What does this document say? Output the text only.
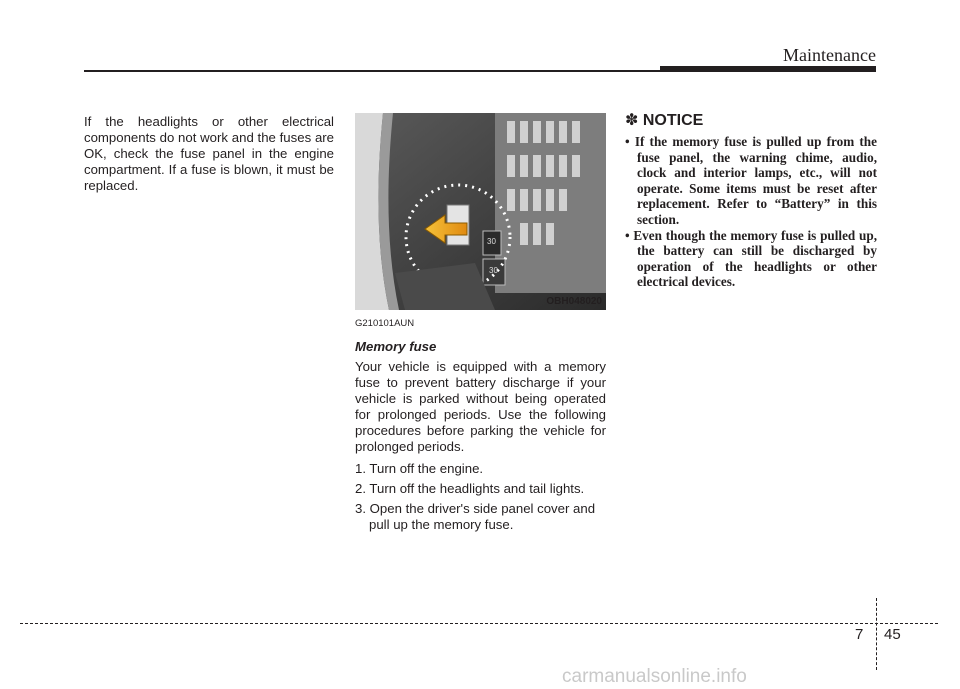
Maintenance
If the headlights or other electrical components do not work and the fuses are OK, check the fuse panel in the engine compartment. If a fuse is blown, it must be replaced.
30
30
OBH048020
G210101AUN
Memory fuse

Your vehicle is equipped with a memory fuse to prevent battery discharge if your vehicle is parked without being operated for prolonged periods. Use the following procedures before parking the vehicle for prolonged periods.

1. Turn off the engine.
2. Turn off the headlights and tail lights.
3. Open the driver's side panel cover and pull up the memory fuse.
✽ NOTICE
• If the memory fuse is pulled up from the fuse panel, the warning chime, audio, clock and interior lamps, etc., will not operate. Some items must be reset after replacement. Refer to “Battery” in this section.
• Even though the memory fuse is pulled up, the battery can still be discharged by operation of the headlights or other electrical devices.
7 45
carmanualsonline.info
